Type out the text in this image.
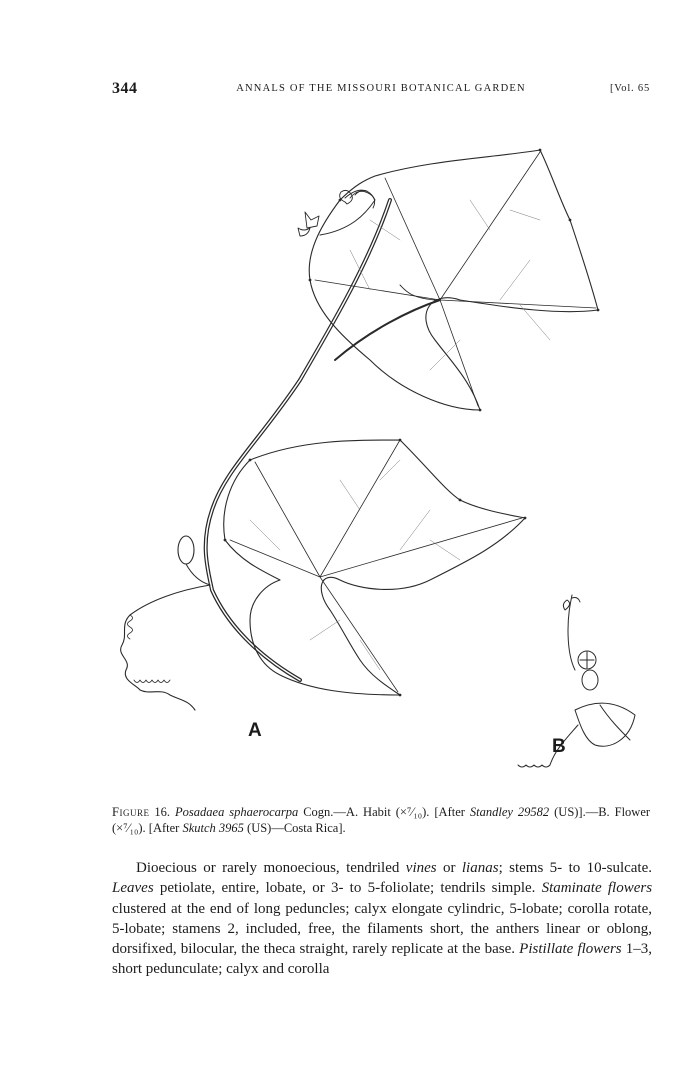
344	ANNALS OF THE MISSOURI BOTANICAL GARDEN	[Vol. 65
A
B
Figure 16. Posadaea sphaerocarpa Cogn.—A. Habit (×⁷⁄₁₀). [After Standley 29582 (US)].—B. Flower (×⁷⁄₁₀). [After Skutch 3965 (US)—Costa Rica].

Dioecious or rarely monoecious, tendriled vines or lianas; stems 5- to 10-sulcate. Leaves petiolate, entire, lobate, or 3- to 5-foliolate; tendrils simple. Staminate flowers clustered at the end of long peduncles; calyx elongate cylindric, 5-lobate; corolla rotate, 5-lobate; stamens 2, included, free, the filaments short, the anthers linear or oblong, dorsifixed, bilocular, the theca straight, rarely replicate at the base. Pistillate flowers 1–3, short pedunculate; calyx and corolla
